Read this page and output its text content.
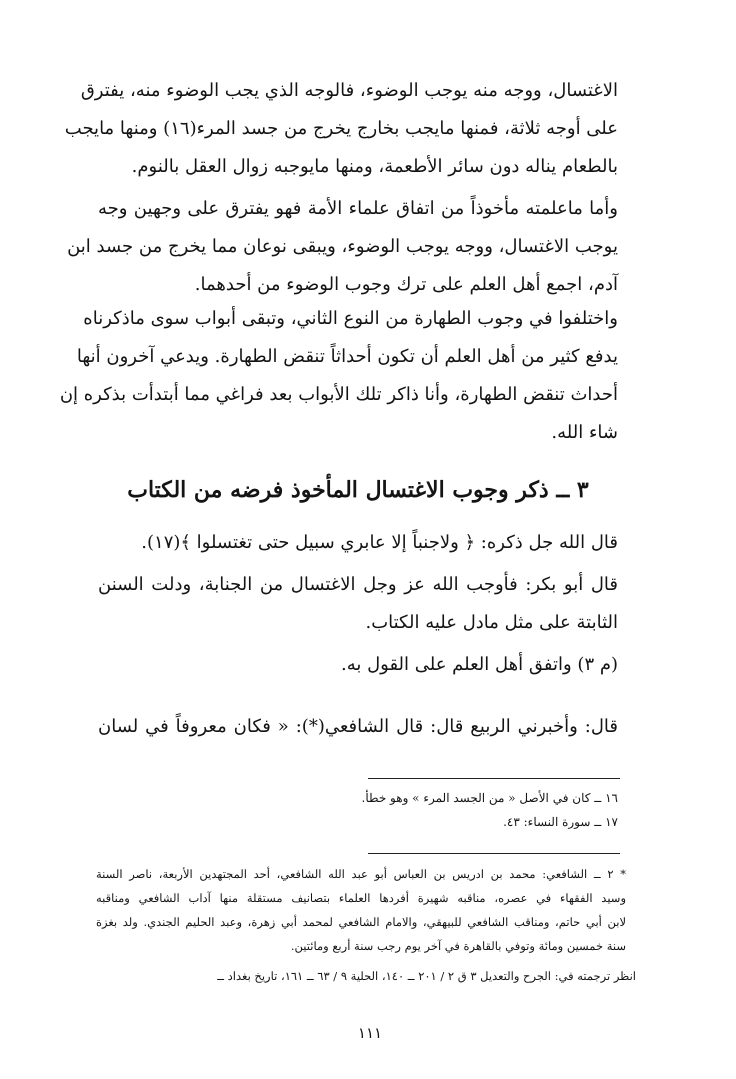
الاغتسال، ووجه منه يوجب الوضوء، فالوجه الذي يجب الوضوء منه، يفترق
على أوجه ثلاثة، فمنها مايجب بخارج يخرج من جسد المرء(١٦) ومنها مايجب
بالطعام يناله دون سائر الأطعمة، ومنها مايوجبه زوال العقل بالنوم.
وأما ماعلمته مأخوذاً من اتفاق علماء الأمة فهو يفترق على وجهين وجه
يوجب الاغتسال، ووجه يوجب الوضوء، ويبقى نوعان مما يخرج من جسد ابن
آدم، اجمع أهل العلم على ترك وجوب الوضوء من أحدهما.
واختلفوا في وجوب الطهارة من النوع الثاني، وتبقى أبواب سوى ماذكرناه
يدفع كثير من أهل العلم أن تكون أحداثاً تنقض الطهارة. ويدعي آخرون أنها
أحداث تنقض الطهارة، وأنا ذاكر تلك الأبواب بعد فراغي مما أبتدأت بذكره إن
شاء الله.
٣ ــ ذكر وجوب الاغتسال المأخوذ فرضه من الكتاب
قال الله جل ذكره: ﴿ ولاجنباً إلا عابري سبيل حتى تغتسلوا ﴾(١٧).
قال أبو بكر: فأوجب الله عز وجل الاغتسال من الجنابة، ودلت السنن
الثابتة على مثل مادل عليه الكتاب.
(م ٣) واتفق أهل العلم على القول به.
قال: وأخبرني الربيع قال: قال الشافعي(*): « فكان معروفاً في لسان
١٦ ــ كان في الأصل « من الجسد المرء » وهو خطأ.
١٧ ــ سورة النساء: ٤٣.
* ٢ ــ الشافعي: محمد بن ادريس بن العباس أبو عبد الله الشافعي، أحد المجتهدين الأربعة، ناصر السنة
وسيد الفقهاء في عصره، مناقبه شهيرة أفردها العلماء بتصانيف مستقلة منها آداب الشافعي ومناقبه
لابن أبي حاتم، ومناقب الشافعي للبيهقي، والامام الشافعي لمحمد أبي زهرة، وعبد الحليم الجندي. ولد بغزة
سنة خمسين ومائة وتوفي بالقاهرة في آخر يوم رجب سنة أربع ومائتين.
انظر ترجمته في: الجرح والتعديل ٣ ق ٢ / ٢٠١ ــ ١٤٠، الحلية ٩ / ٦٣ ــ ١٦١، تاريخ بغداد ــ
١١١
